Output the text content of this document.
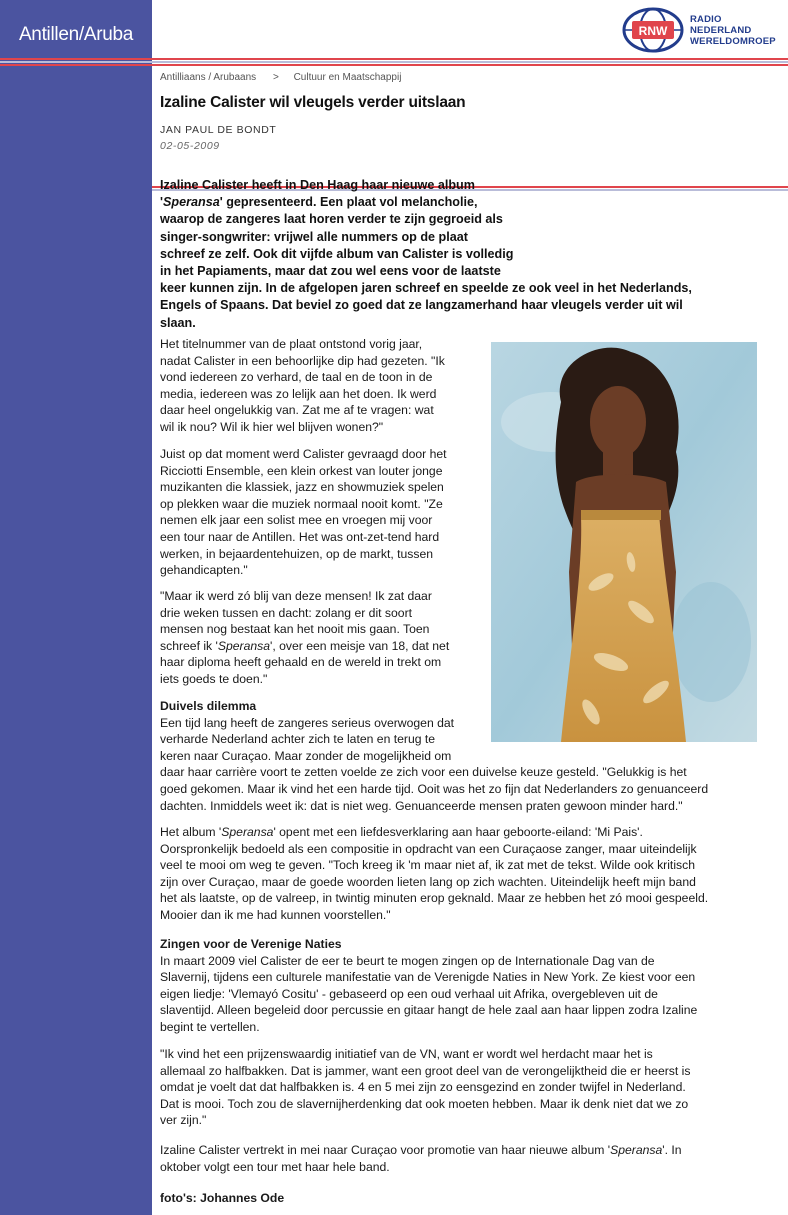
Antillen/Aruba	RNW
RADIO
NEDERLAND
WERELDOMROEP
Antilliaans / Arubaans > Cultuur en Maatschappij
Izaline Calister wil vleugels verder uitslaan
JAN PAUL DE BONDT
02-05-2009
Izaline Calister heeft in Den Haag haar nieuwe album
'Speransa' gepresenteerd. Een plaat vol melancholie,
waarop de zangeres laat horen verder te zijn gegroeid als
singer-songwriter: vrijwel alle nummers op de plaat
schreef ze zelf. Ook dit vijfde album van Calister is volledig
in het Papiaments, maar dat zou wel eens voor de laatste
keer kunnen zijn. In de afgelopen jaren schreef en speelde ze ook veel in het Nederlands,
Engels of Spaans. Dat beviel zo goed dat ze langzamerhand haar vleugels verder uit wil
slaan.
Het titelnummer van de plaat ontstond vorig jaar,
nadat Calister in een behoorlijke dip had gezeten. "Ik
vond iedereen zo verhard, de taal en de toon in de
media, iedereen was zo lelijk aan het doen. Ik werd
daar heel ongelukkig van. Zat me af te vragen: wat
wil ik nou? Wil ik hier wel blijven wonen?"
Juist op dat moment werd Calister gevraagd door het
Ricciotti Ensemble, een klein orkest van louter jonge
muzikanten die klassiek, jazz en showmuziek spelen
op plekken waar die muziek normaal nooit komt. "Ze
nemen elk jaar een solist mee en vroegen mij voor
een tour naar de Antillen. Het was ont-zet-tend hard
werken, in bejaardentehuizen, op de markt, tussen
gehandicapten."
"Maar ik werd zó blij van deze mensen! Ik zat daar
drie weken tussen en dacht: zolang er dit soort
mensen nog bestaat kan het nooit mis gaan. Toen
schreef ik 'Speransa', over een meisje van 18, dat net
haar diploma heeft gehaald en de wereld in trekt om
iets goeds te doen."
Duivels dilemma
Een tijd lang heeft de zangeres serieus overwogen dat
verharde Nederland achter zich te laten en terug te
keren naar Curaçao. Maar zonder de mogelijkheid om
daar haar carrière voort te zetten voelde ze zich voor een duivelse keuze gesteld. "Gelukkig is het
goed gekomen. Maar ik vind het een harde tijd. Ooit was het zo fijn dat Nederlanders zo genuanceerd
dachten. Inmiddels weet ik: dat is niet weg. Genuanceerde mensen praten gewoon minder hard."
Het album 'Speransa' opent met een liefdesverklaring aan haar geboorte-eiland: 'Mi Pais'.
Oorspronkelijk bedoeld als een compositie in opdracht van een Curaçaose zanger, maar uiteindelijk
veel te mooi om weg te geven. "Toch kreeg ik 'm maar niet af, ik zat met de tekst. Wilde ook kritisch
zijn over Curaçao, maar de goede woorden lieten lang op zich wachten. Uiteindelijk heeft mijn band
het als laatste, op de valreep, in twintig minuten erop geknald. Maar ze hebben het zó mooi gespeeld.
Mooier dan ik me had kunnen voorstellen."
Zingen voor de Verenige Naties
In maart 2009 viel Calister de eer te beurt te mogen zingen op de Internationale Dag van de
Slavernij, tijdens een culturele manifestatie van de Verenigde Naties in New York. Ze kiest voor een
eigen liedje: 'Vlemayó Cositu' - gebaseerd op een oud verhaal uit Afrika, overgebleven uit de
slaventijd. Alleen begeleid door percussie en gitaar hangt de hele zaal aan haar lippen zodra Izaline
begint te vertellen.
"Ik vind het een prijzenswaardig initiatief van de VN, want er wordt wel herdacht maar het is
allemaal zo halfbakken. Dat is jammer, want een groot deel van de verongelijktheid die er heerst is
omdat je voelt dat dat halfbakken is. 4 en 5 mei zijn zo eensgezind en zonder twijfel in Nederland.
Dat is mooi. Toch zou de slavernijherdenking dat ook moeten hebben. Maar ik denk niet dat we zo
ver zijn."
Izaline Calister vertrekt in mei naar Curaçao voor promotie van haar nieuwe album 'Speransa'. In
oktober volgt een tour met haar hele band.
foto's: Johannes Ode
